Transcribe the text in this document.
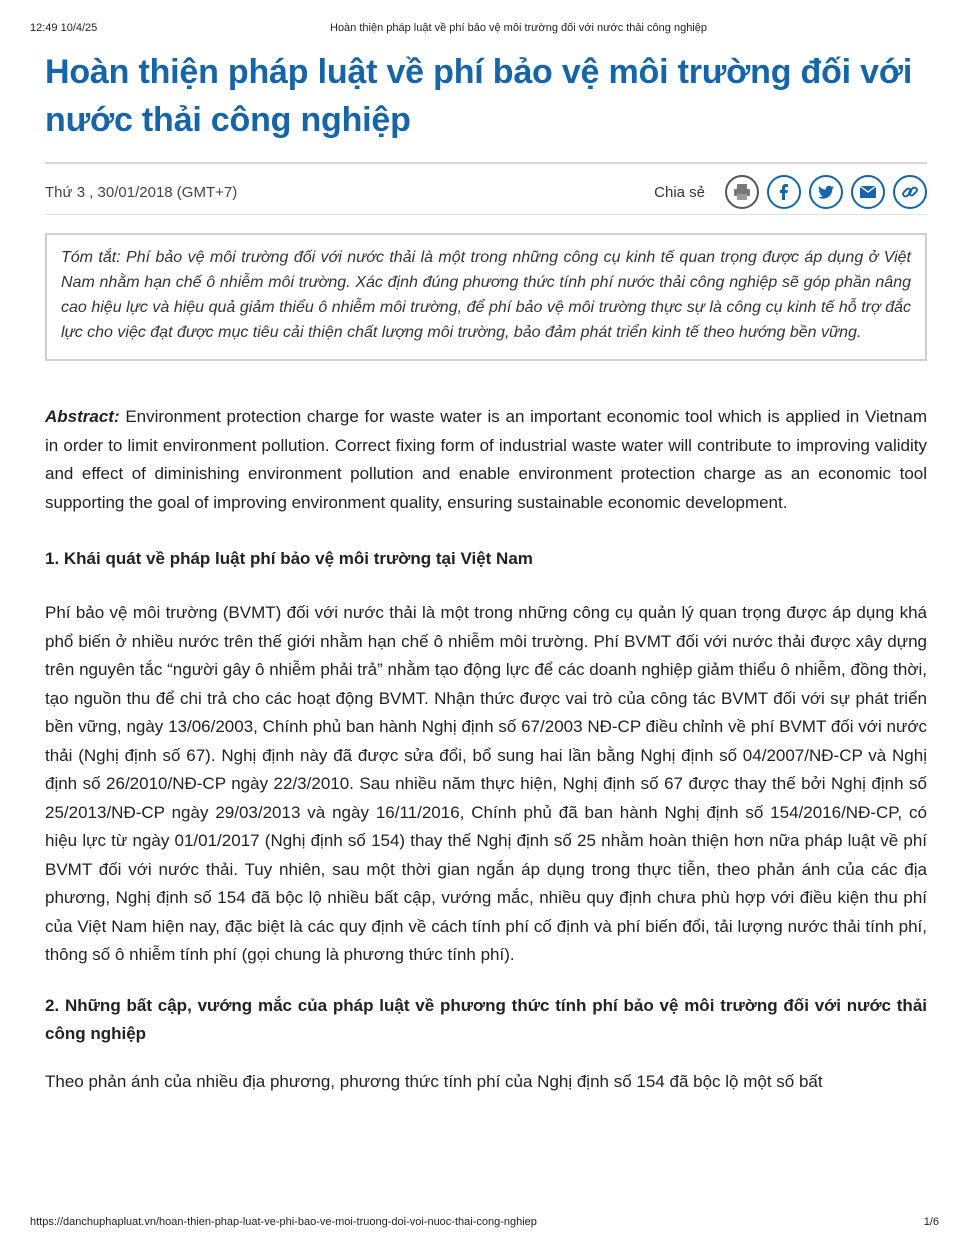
12:49 10/4/25	Hoàn thiện pháp luật về phí bảo vệ môi trường đối với nước thải công nghiệp
Hoàn thiện pháp luật về phí bảo vệ môi trường đối với nước thải công nghiệp
Thứ 3 , 30/01/2018 (GMT+7)	Chia sẻ
Tóm tắt: Phí bảo vệ môi trường đối với nước thải là một trong những công cụ kinh tế quan trọng được áp dụng ở Việt Nam nhằm hạn chế ô nhiễm môi trường. Xác định đúng phương thức tính phí nước thải công nghiệp sẽ góp phần nâng cao hiệu lực và hiệu quả giảm thiểu ô nhiễm môi trường, để phí bảo vệ môi trường thực sự là công cụ kinh tế hỗ trợ đắc lực cho việc đạt được mục tiêu cải thiện chất lượng môi trường, bảo đảm phát triển kinh tế theo hướng bền vững.
Abstract: Environment protection charge for waste water is an important economic tool which is applied in Vietnam in order to limit environment pollution. Correct fixing form of industrial waste water will contribute to improving validity and effect of diminishing environment pollution and enable environment protection charge as an economic tool supporting the goal of improving environment quality, ensuring sustainable economic development.
1. Khái quát về pháp luật phí bảo vệ môi trường tại Việt Nam

Phí bảo vệ môi trường (BVMT) đối với nước thải là một trong những công cụ quản lý quan trọng được áp dụng khá phổ biến ở nhiều nước trên thế giới nhằm hạn chế ô nhiễm môi trường. Phí BVMT đối với nước thải được xây dựng trên nguyên tắc “người gây ô nhiễm phải trả” nhằm tạo động lực để các doanh nghiệp giảm thiểu ô nhiễm, đồng thời, tạo nguồn thu để chi trả cho các hoạt động BVMT. Nhận thức được vai trò của công tác BVMT đối với sự phát triển bền vững, ngày 13/06/2003, Chính phủ ban hành Nghị định số 67/2003 NĐ-CP điều chỉnh về phí BVMT đối với nước thải (Nghị định số 67). Nghị định này đã được sửa đổi, bổ sung hai lần bằng Nghị định số 04/2007/NĐ-CP và Nghị định số 26/2010/NĐ-CP ngày 22/3/2010. Sau nhiều năm thực hiện, Nghị định số 67 được thay thế bởi Nghị định số 25/2013/NĐ-CP ngày 29/03/2013 và ngày 16/11/2016, Chính phủ đã ban hành Nghị định số 154/2016/NĐ-CP, có hiệu lực từ ngày 01/01/2017 (Nghị định số 154) thay thế Nghị định số 25 nhằm hoàn thiện hơn nữa pháp luật về phí BVMT đối với nước thải. Tuy nhiên, sau một thời gian ngắn áp dụng trong thực tiễn, theo phản ánh của các địa phương, Nghị định số 154 đã bộc lộ nhiều bất cập, vướng mắc, nhiều quy định chưa phù hợp với điều kiện thu phí của Việt Nam hiện nay, đặc biệt là các quy định về cách tính phí cố định và phí biến đổi, tải lượng nước thải tính phí, thông số ô nhiễm tính phí (gọi chung là phương thức tính phí).

2. Những bất cập, vướng mắc của pháp luật về phương thức tính phí bảo vệ môi trường đối với nước thải công nghiệp

Theo phản ánh của nhiều địa phương, phương thức tính phí của Nghị định số 154 đã bộc lộ một số bất

https://danchuphapluat.vn/hoan-thien-phap-luat-ve-phi-bao-ve-moi-truong-doi-voi-nuoc-thai-cong-nghiep	1/6
